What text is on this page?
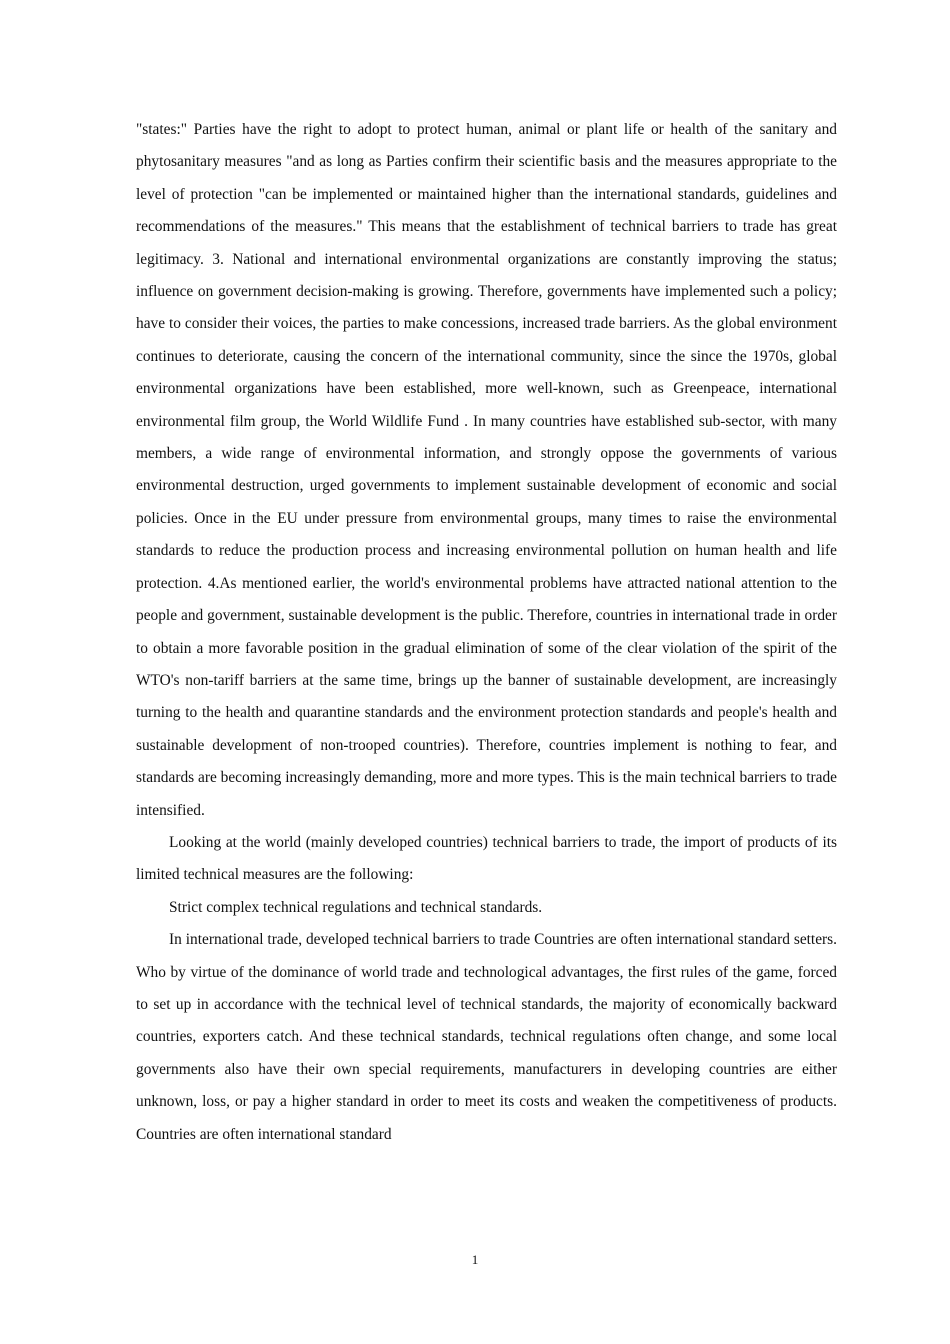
"states:" Parties have the right to adopt to protect human, animal or plant life or health of the sanitary and phytosanitary measures "and as long as Parties confirm their scientific basis and the measures appropriate to the level of protection "can be implemented or maintained higher than the international standards, guidelines and recommendations of the measures." This means that the establishment of technical barriers to trade has great legitimacy. 3. National and international environmental organizations are constantly improving the status; influence on government decision-making is growing. Therefore, governments have implemented such a policy; have to consider their voices, the parties to make concessions, increased trade barriers. As the global environment continues to deteriorate, causing the concern of the international community, since the since the 1970s, global environmental organizations have been established, more well-known, such as Greenpeace, international environmental film group, the World Wildlife Fund . In many countries have established sub-sector, with many members, a wide range of environmental information, and strongly oppose the governments of various environmental destruction, urged governments to implement sustainable development of economic and social policies. Once in the EU under pressure from environmental groups, many times to raise the environmental standards to reduce the production process and increasing environmental pollution on human health and life protection. 4.As mentioned earlier, the world's environmental problems have attracted national attention to the people and government, sustainable development is the public. Therefore, countries in international trade in order to obtain a more favorable position in the gradual elimination of some of the clear violation of the spirit of the WTO's non-tariff barriers at the same time, brings up the banner of sustainable development, are increasingly turning to the health and quarantine standards and the environment protection standards and people's health and sustainable development of non-trooped countries). Therefore, countries implement is nothing to fear, and standards are becoming increasingly demanding, more and more types. This is the main technical barriers to trade intensified.

Looking at the world (mainly developed countries) technical barriers to trade, the import of products of its limited technical measures are the following:

Strict complex technical regulations and technical standards.

In international trade, developed technical barriers to trade Countries are often international standard setters. Who by virtue of the dominance of world trade and technological advantages, the first rules of the game, forced to set up in accordance with the technical level of technical standards, the majority of economically backward countries, exporters catch. And these technical standards, technical regulations often change, and some local governments also have their own special requirements, manufacturers in developing countries are either unknown, loss, or pay a higher standard in order to meet its costs and weaken the competitiveness of products. Countries are often international standard

1
